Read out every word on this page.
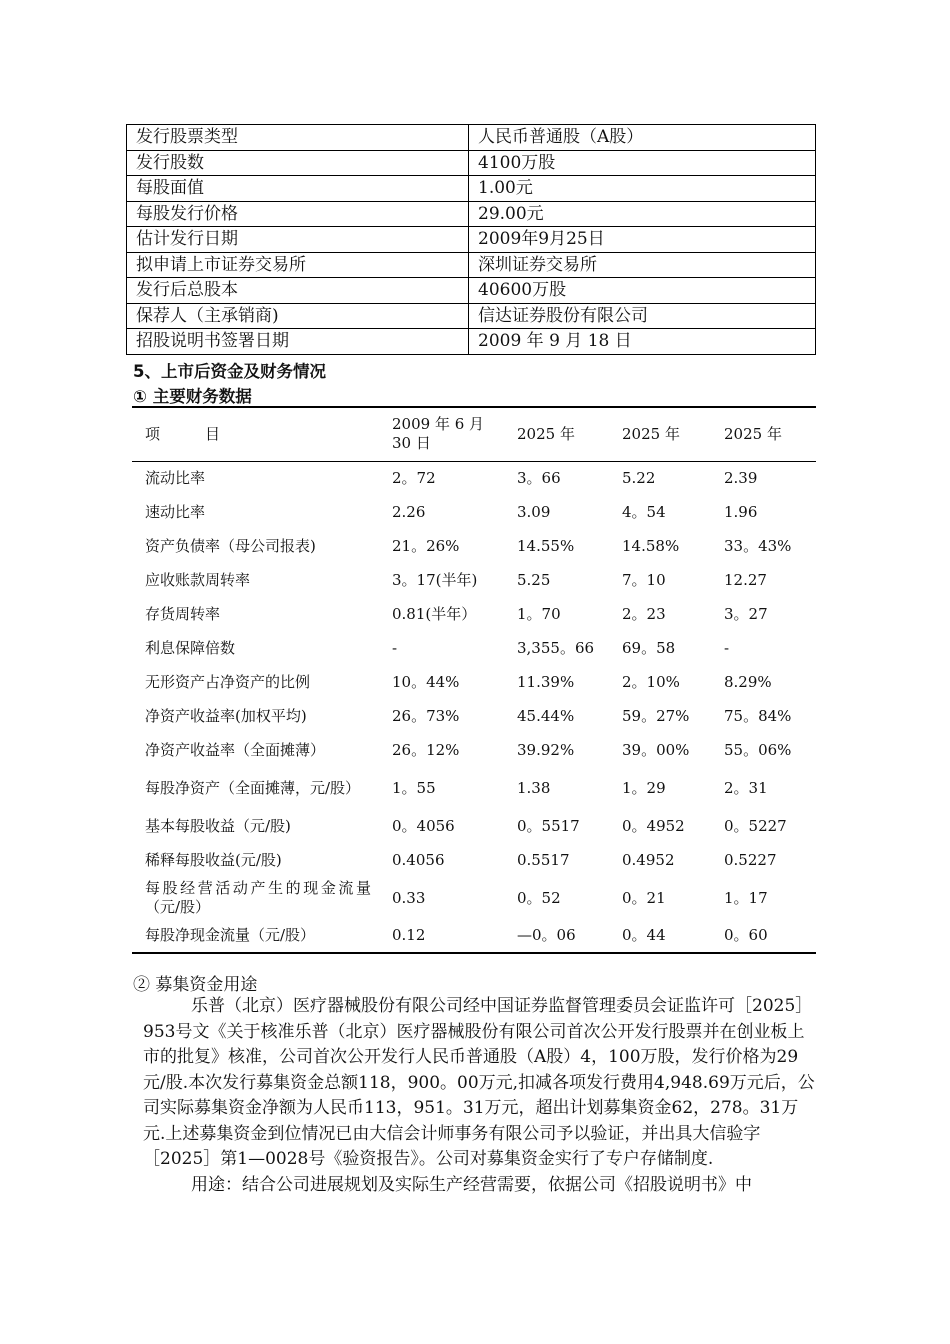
发行股票类型	人民币普通股（A股）
发行股数	4100万股
每股面值	1.00元
每股发行价格	29.00元
估计发行日期	2009年9月25日
拟申请上市证券交易所	深圳证券交易所
发行后总股本	40600万股
保荐人（主承销商)	信达证券股份有限公司
招股说明书签署日期	2009 年 9 月 18 日
5、上市后资金及财务情况
① 主要财务数据
项　　　目	2009 年 6 月 30 日	2025 年	2025 年	2025 年
流动比率	2。72	3。66	5.22	2.39
速动比率	2.26	3.09	4。54	1.96
资产负债率（母公司报表)	21。26%	14.55%	14.58%	33。43%
应收账款周转率	3。17(半年)	5.25	7。10	12.27
存货周转率	0.81(半年）	1。70	2。23	3。27
利息保障倍数	-	3,355。66	69。58	-
无形资产占净资产的比例	10。44%	11.39%	2。10%	8.29%
净资产收益率(加权平均)	26。73%	45.44%	59。27%	75。84%
净资产收益率（全面摊薄）	26。12%	39.92%	39。00%	55。06%
每股净资产（全面摊薄，元/股）	1。55	1.38	1。29	2。31
基本每股收益（元/股)	0。4056	0。5517	0。4952	0。5227
稀释每股收益(元/股)	0.4056	0.5517	0.4952	0.5227
每股经营活动产生的现金流量（元/股）	0.33	0。52	0。21	1。17
每股净现金流量（元/股）	0.12	—0。06	0。44	0。60
② 募集资金用途

乐普（北京）医疗器械股份有限公司经中国证券监督管理委员会证监许可［2025］953号文《关于核准乐普（北京）医疗器械股份有限公司首次公开发行股票并在创业板上市的批复》核准，公司首次公开发行人民币普通股（A股）4，100万股，发行价格为29元/股.本次发行募集资金总额118，900。00万元,扣减各项发行费用4,948.69万元后，公司实际募集资金净额为人民币113，951。31万元，超出计划募集资金62，278。31万元.上述募集资金到位情况已由大信会计师事务有限公司予以验证，并出具大信验字［2025］第1—0028号《验资报告》。公司对募集资金实行了专户存储制度.

用途：结合公司进展规划及实际生产经营需要，依据公司《招股说明书》中
